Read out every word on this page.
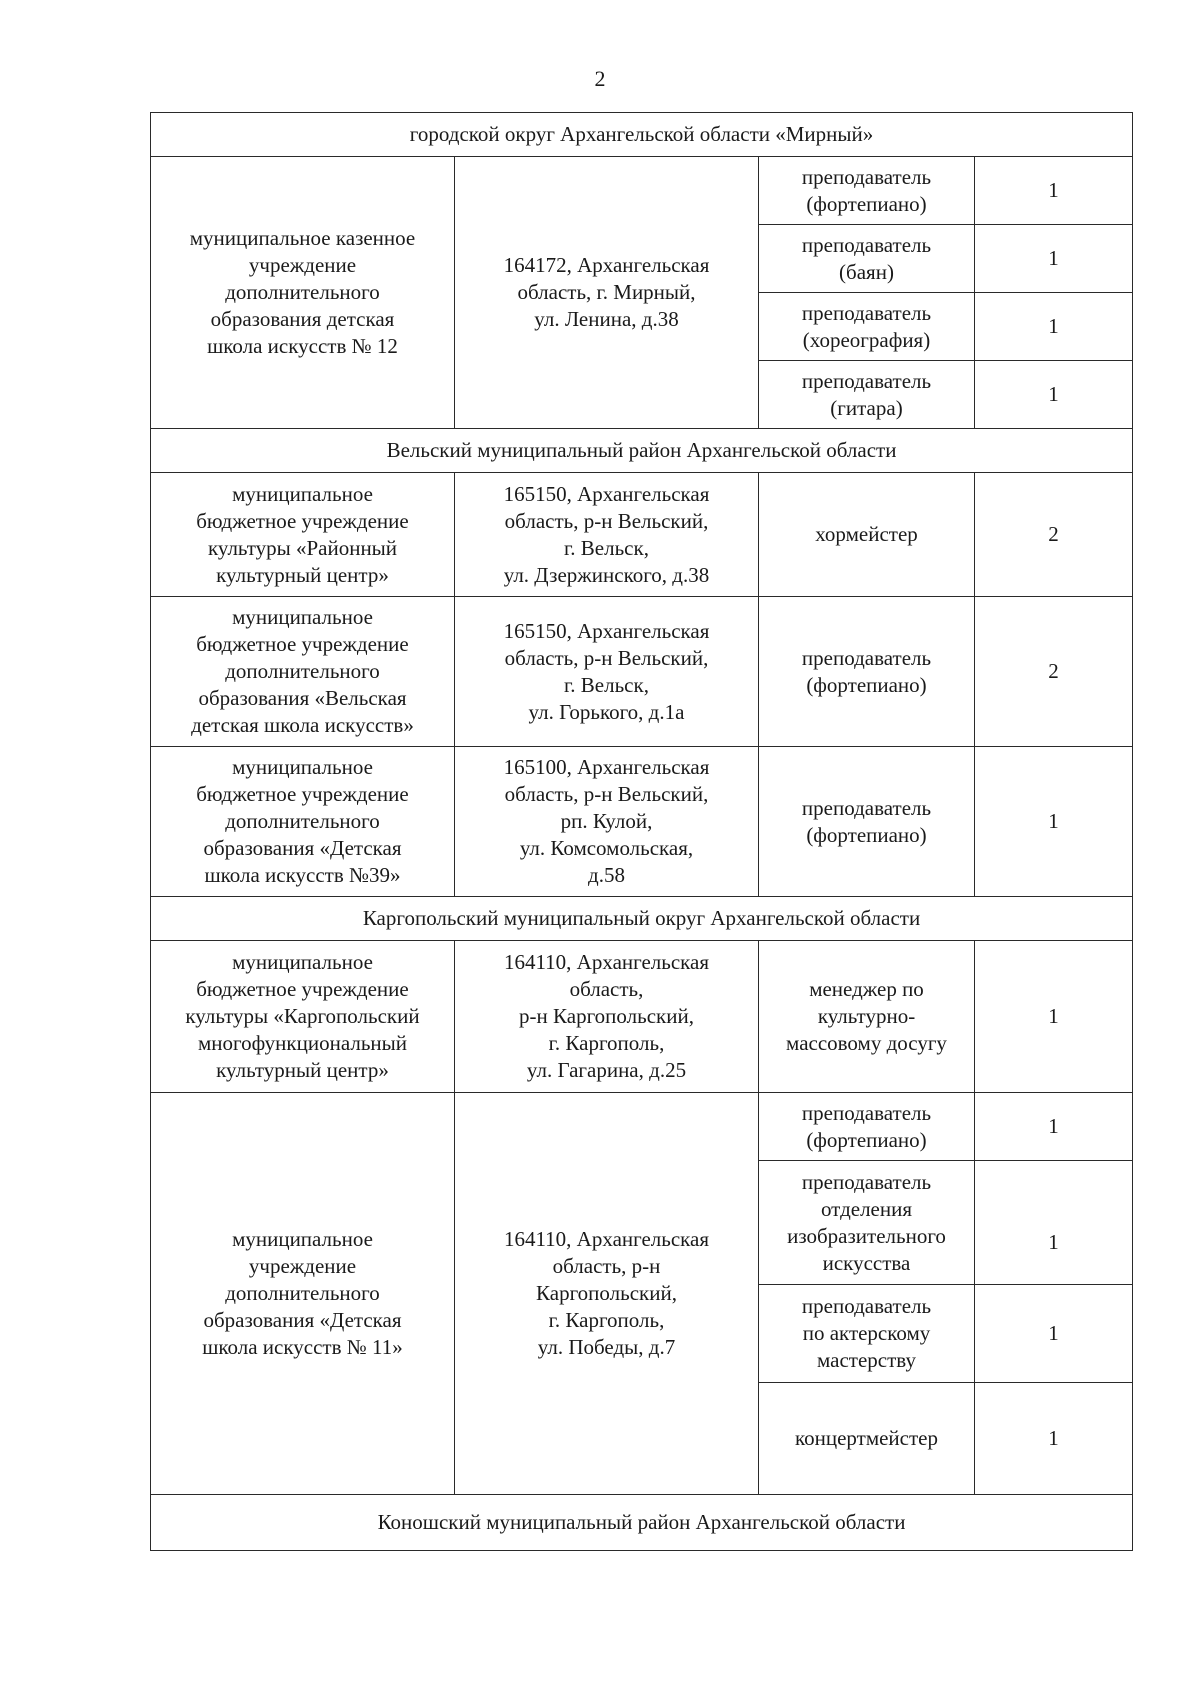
2
городской округ Архангельской области «Мирный»			
муниципальное казенное
учреждение
дополнительного
образования детская
школа искусств № 12	164172, Архангельская
область, г. Мирный,
ул. Ленина, д.38	преподаватель
(фортепиано)	1
		преподаватель
(баян)	1
		преподаватель
(хореография)	1
		преподаватель
(гитара)	1
Вельский муниципальный район Архангельской области			
муниципальное
бюджетное учреждение
культуры «Районный
культурный центр»	165150, Архангельская
область, р-н Вельский,
г. Вельск,
ул. Дзержинского, д.38	хормейстер	2
муниципальное
бюджетное учреждение
дополнительного
образования «Вельская
детская школа искусств»	165150, Архангельская
область, р-н Вельский,
г. Вельск,
ул. Горького, д.1а	преподаватель
(фортепиано)	2
муниципальное
бюджетное учреждение
дополнительного
образования «Детская
школа искусств №39»	165100, Архангельская
область, р-н Вельский,
рп. Кулой,
ул. Комсомольская,
д.58	преподаватель
(фортепиано)	1
Каргопольский муниципальный округ Архангельской области			
муниципальное
бюджетное учреждение
культуры «Каргопольский
многофункциональный
культурный центр»	164110, Архангельская
область,
р-н Каргопольский,
г. Каргополь,
ул. Гагарина, д.25	менеджер по
культурно-
массовому досугу	1
муниципальное
учреждение
дополнительного
образования «Детская
школа искусств № 11»	164110, Архангельская
область, р-н
Каргопольский,
г. Каргополь,
ул. Победы, д.7	преподаватель
(фортепиано)	1
		преподаватель
отделения
изобразительного
искусства	1
		преподаватель
по актерскому
мастерству	1
		концертмейстер	1
Коношский муниципальный район Архангельской области			
